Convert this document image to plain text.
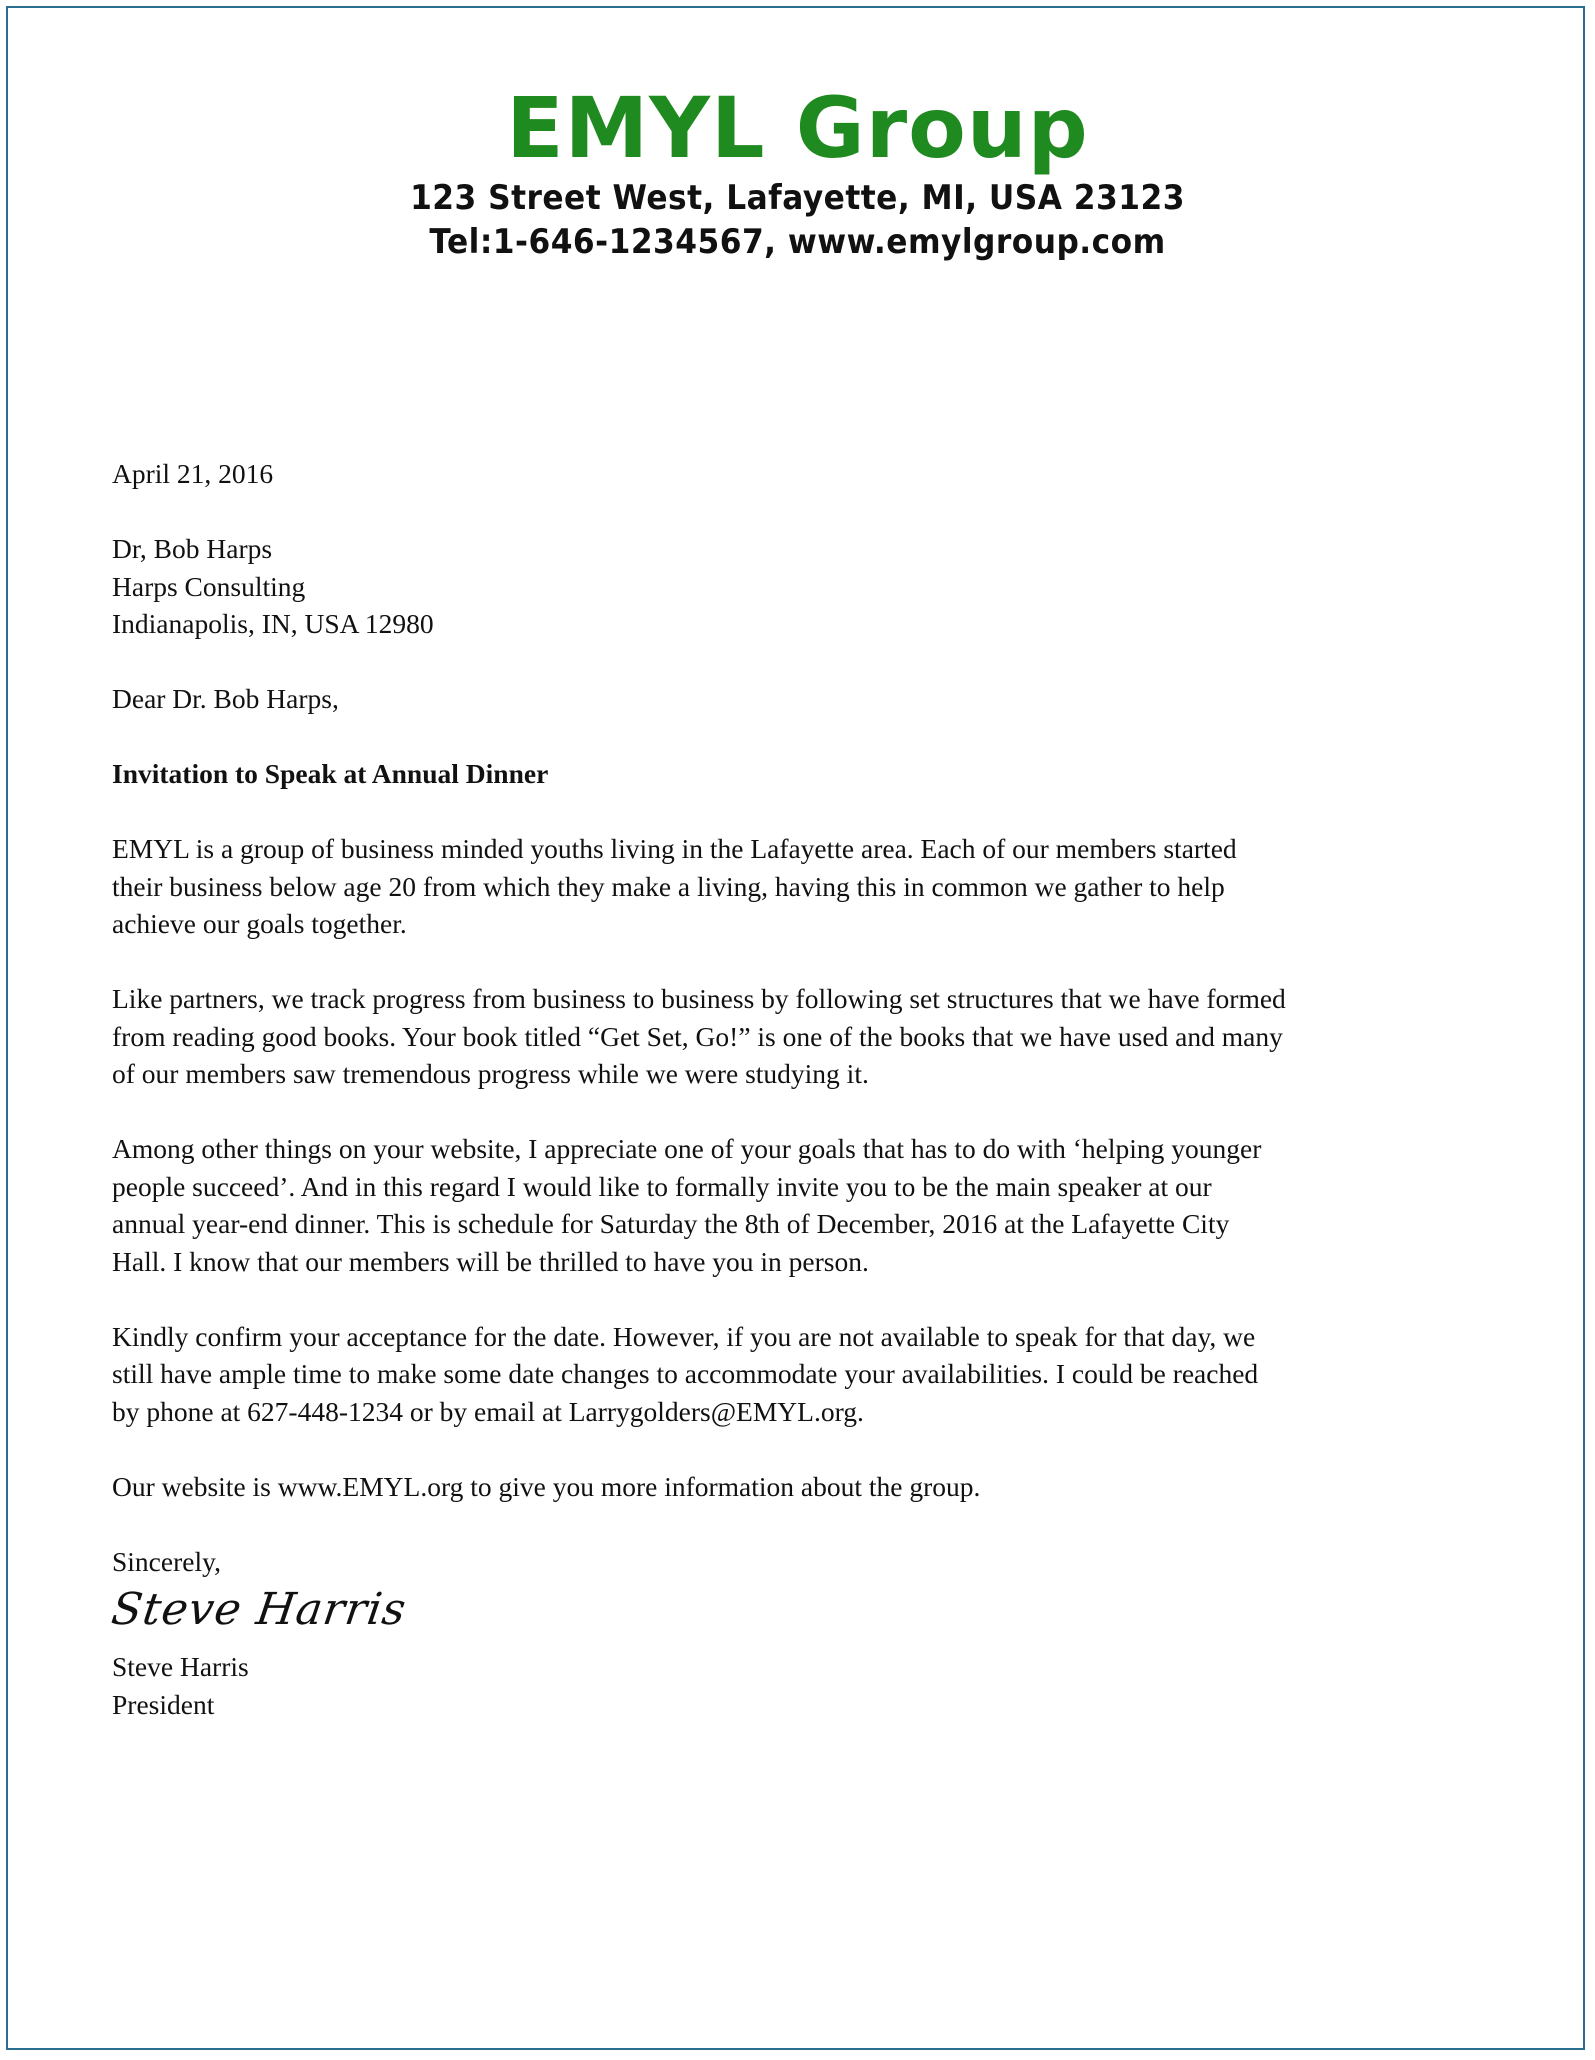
EMYL Group
123 Street West, Lafayette, MI, USA 23123
Tel:1-646-1234567, www.emylgroup.com
April 21, 2016
Dr, Bob Harps
Harps Consulting
Indianapolis, IN, USA 12980
Dear Dr. Bob Harps,
Invitation to Speak at Annual Dinner
EMYL is a group of business minded youths living in the Lafayette area. Each of our members started
their business below age 20 from which they make a living, having this in common we gather to help
achieve our goals together.
Like partners, we track progress from business to business by following set structures that we have formed
from reading good books. Your book titled “Get Set, Go!” is one of the books that we have used and many
of our members saw tremendous progress while we were studying it.
Among other things on your website, I appreciate one of your goals that has to do with ‘helping younger
people succeed’. And in this regard I would like to formally invite you to be the main speaker at our
annual year-end dinner. This is schedule for Saturday the 8th of December, 2016 at the Lafayette City
Hall. I know that our members will be thrilled to have you in person.
Kindly confirm your acceptance for the date. However, if you are not available to speak for that day, we
still have ample time to make some date changes to accommodate your availabilities. I could be reached
by phone at 627-448-1234 or by email at Larrygolders@EMYL.org.
Our website is www.EMYL.org to give you more information about the group.
Sincerely,
Steve Harris
Steve Harris
President
